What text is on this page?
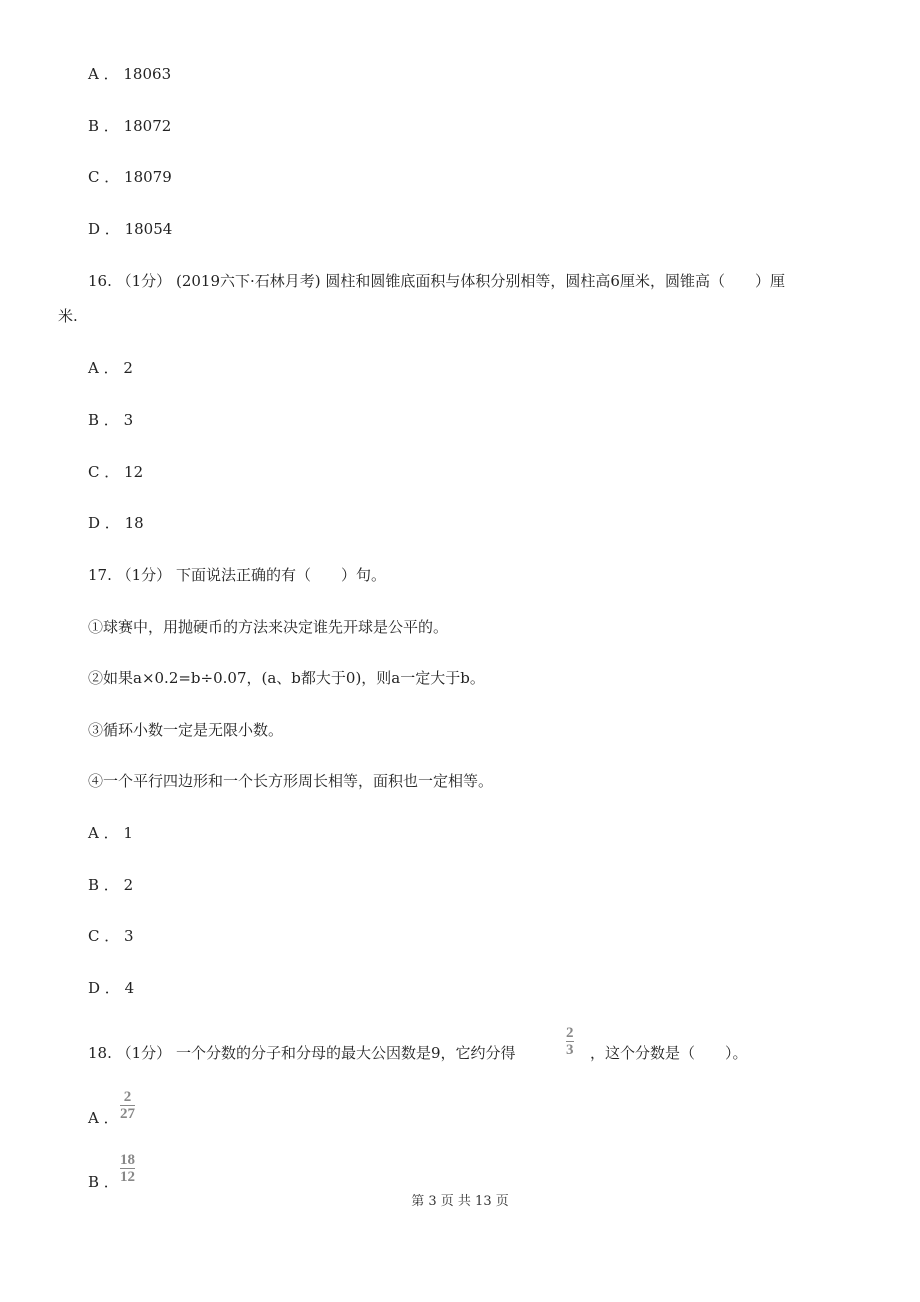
A ． 18063
B ． 18072
C ． 18079
D ． 18054
16. （1分） (2019六下·石林月考) 圆柱和圆锥底面积与体积分别相等，圆柱高6厘米，圆锥高（　　）厘
米.
A ． 2
B ． 3
C ． 12
D ． 18
17. （1分） 下面说法正确的有（　　）句。
①球赛中，用抛硬币的方法来决定谁先开球是公平的。
②如果a×0.2=b÷0.07，(a、b都大于0)，则a一定大于b。
③循环小数一定是无限小数。
④一个平行四边形和一个长方形周长相等，面积也一定相等。
A ． 1
B ． 2
C ． 3
D ． 4
18. （1分） 一个分数的分子和分母的最大公因数是9，它约分得
2
3 ，这个分数是（　　）。
A ．
2
27
B ．
18
12
第 3 页 共 13 页
